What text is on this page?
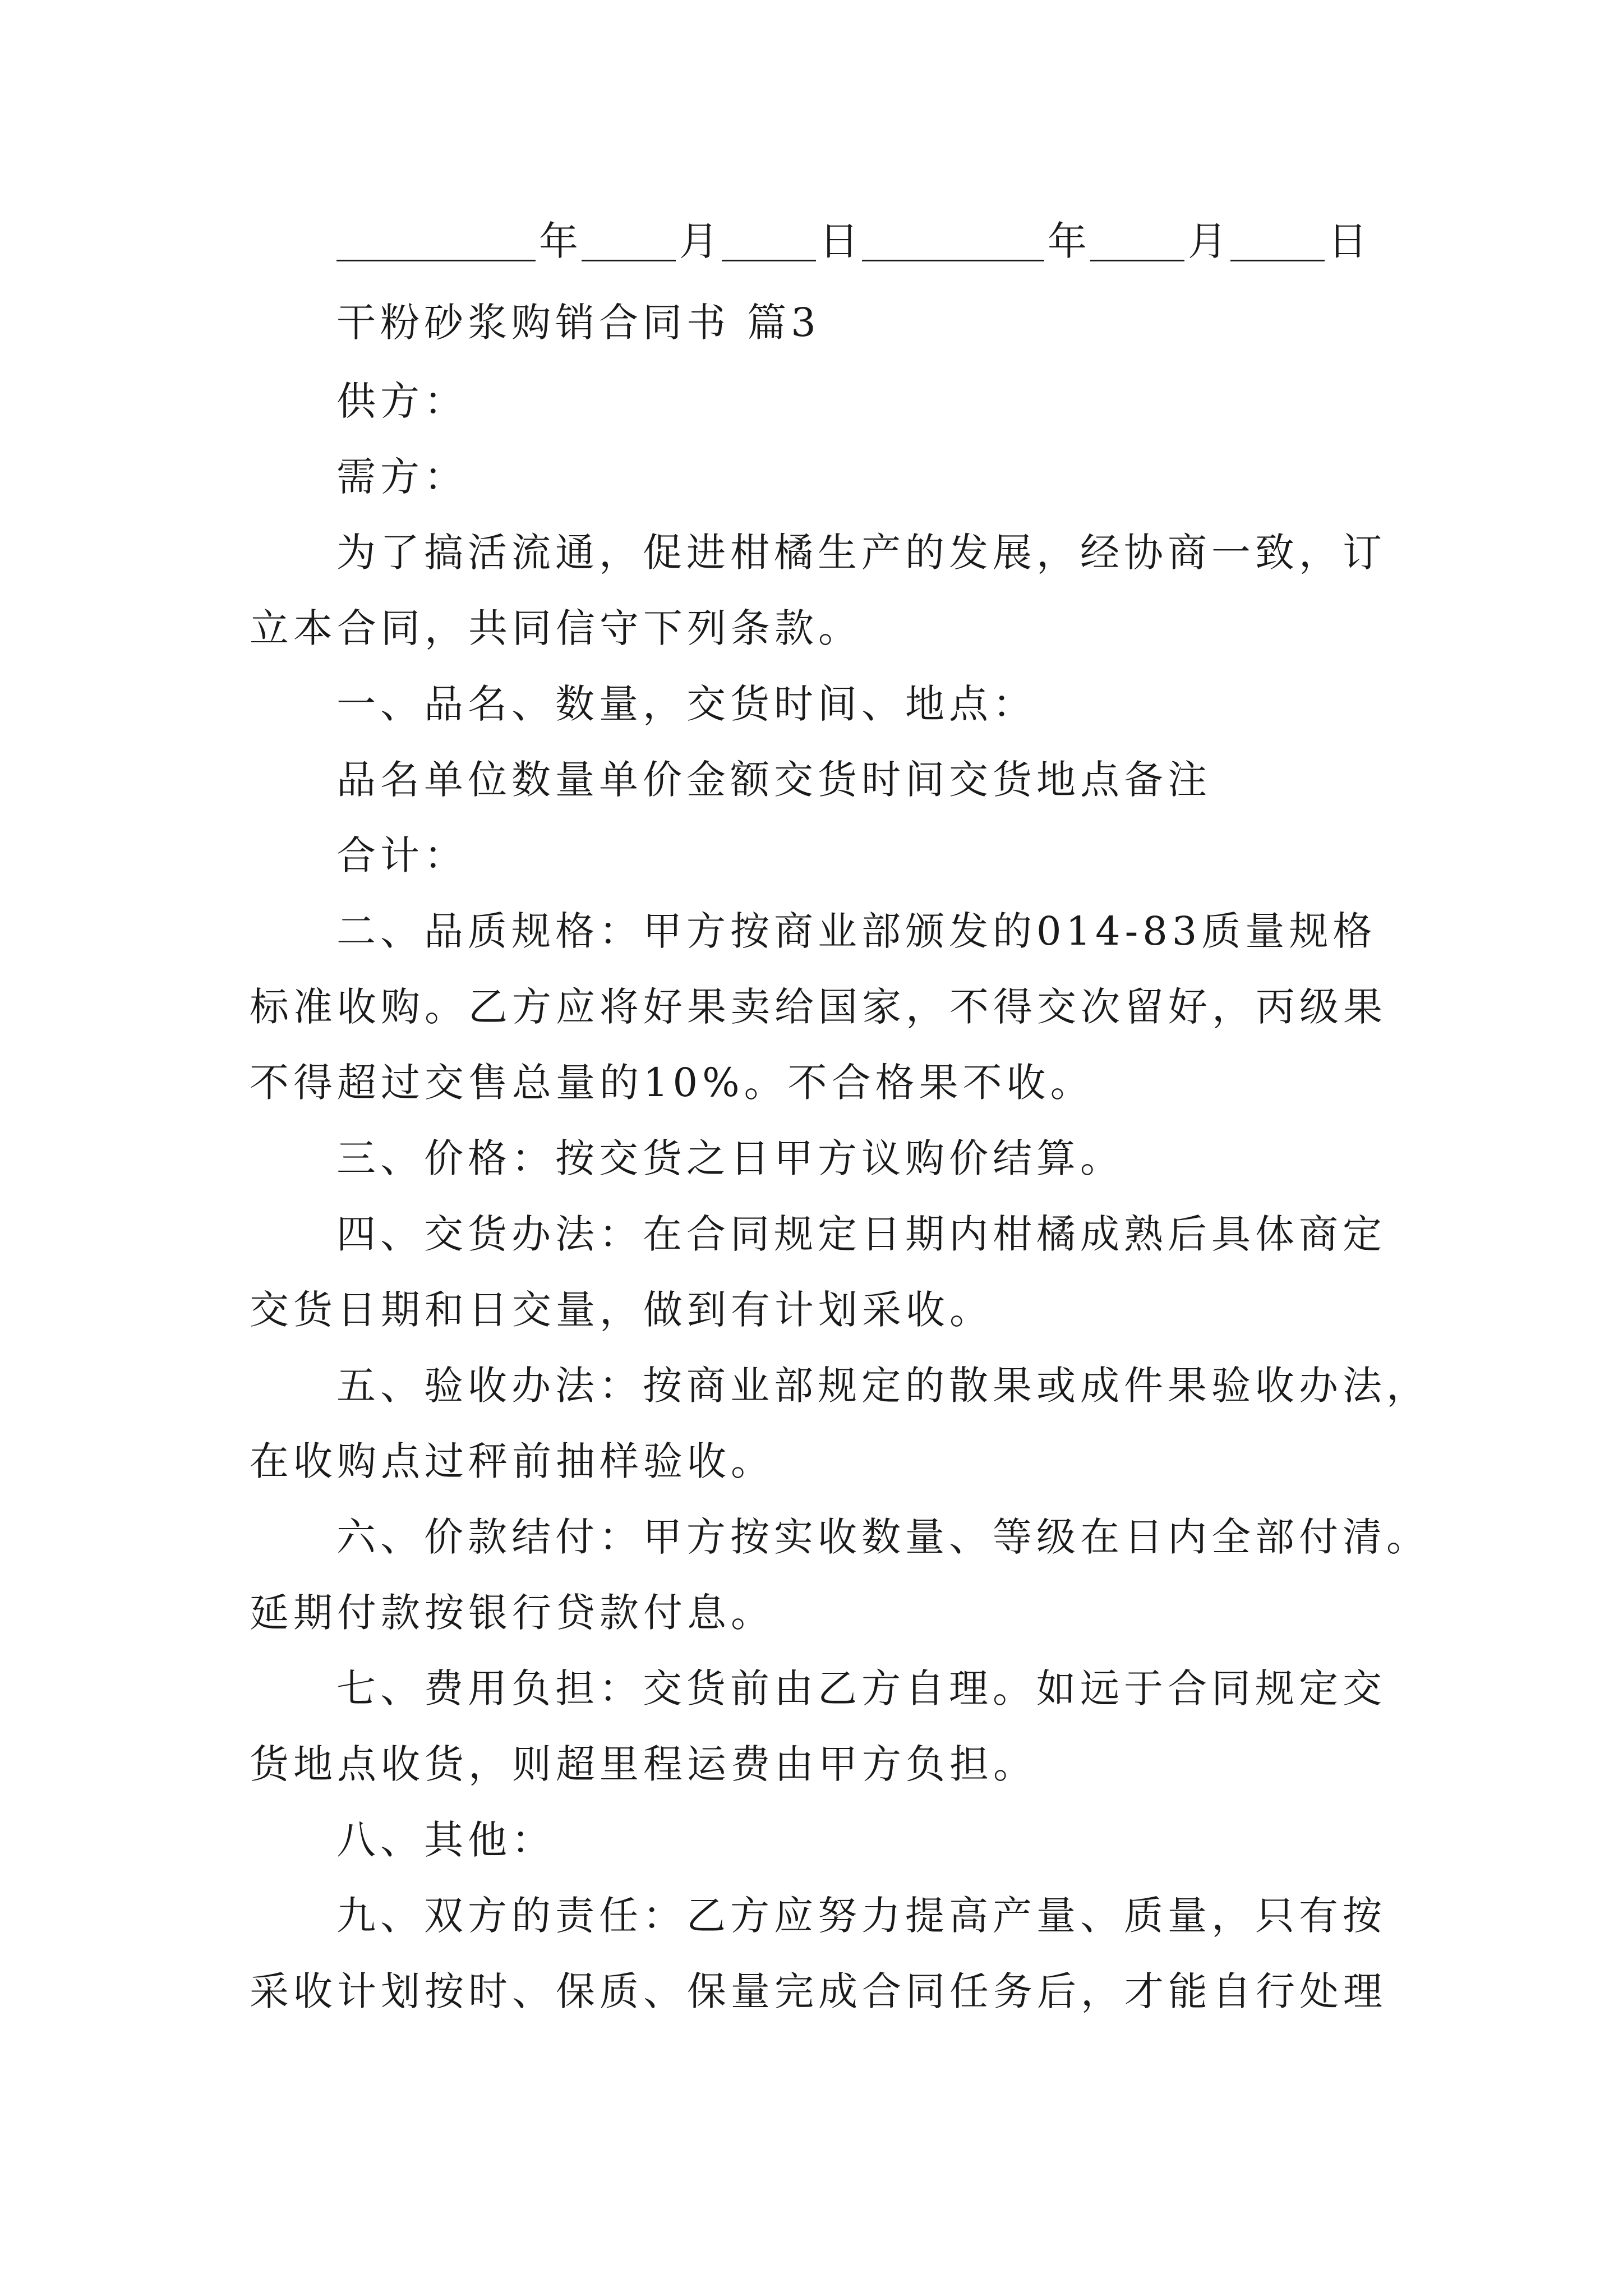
年	月	日	年	月	日
干粉砂浆购销合同书 篇3
供方：
需方：
为了搞活流通，促进柑橘生产的发展，经协商一致，订
立本合同，共同信守下列条款。
一、品名、数量，交货时间、地点：
品名单位数量单价金额交货时间交货地点备注
合计：
二、品质规格：甲方按商业部颁发的014-83质量规格
标准收购。乙方应将好果卖给国家，不得交次留好，丙级果
不得超过交售总量的10%。不合格果不收。
三、价格：按交货之日甲方议购价结算。
四、交货办法：在合同规定日期内柑橘成熟后具体商定
交货日期和日交量，做到有计划采收。
五、验收办法：按商业部规定的散果或成件果验收办法，
在收购点过秤前抽样验收。
六、价款结付：甲方按实收数量、等级在日内全部付清。
延期付款按银行贷款付息。
七、费用负担：交货前由乙方自理。如远于合同规定交
货地点收货，则超里程运费由甲方负担。
八、其他：
九、双方的责任：乙方应努力提高产量、质量，只有按
采收计划按时、保质、保量完成合同任务后，才能自行处理
